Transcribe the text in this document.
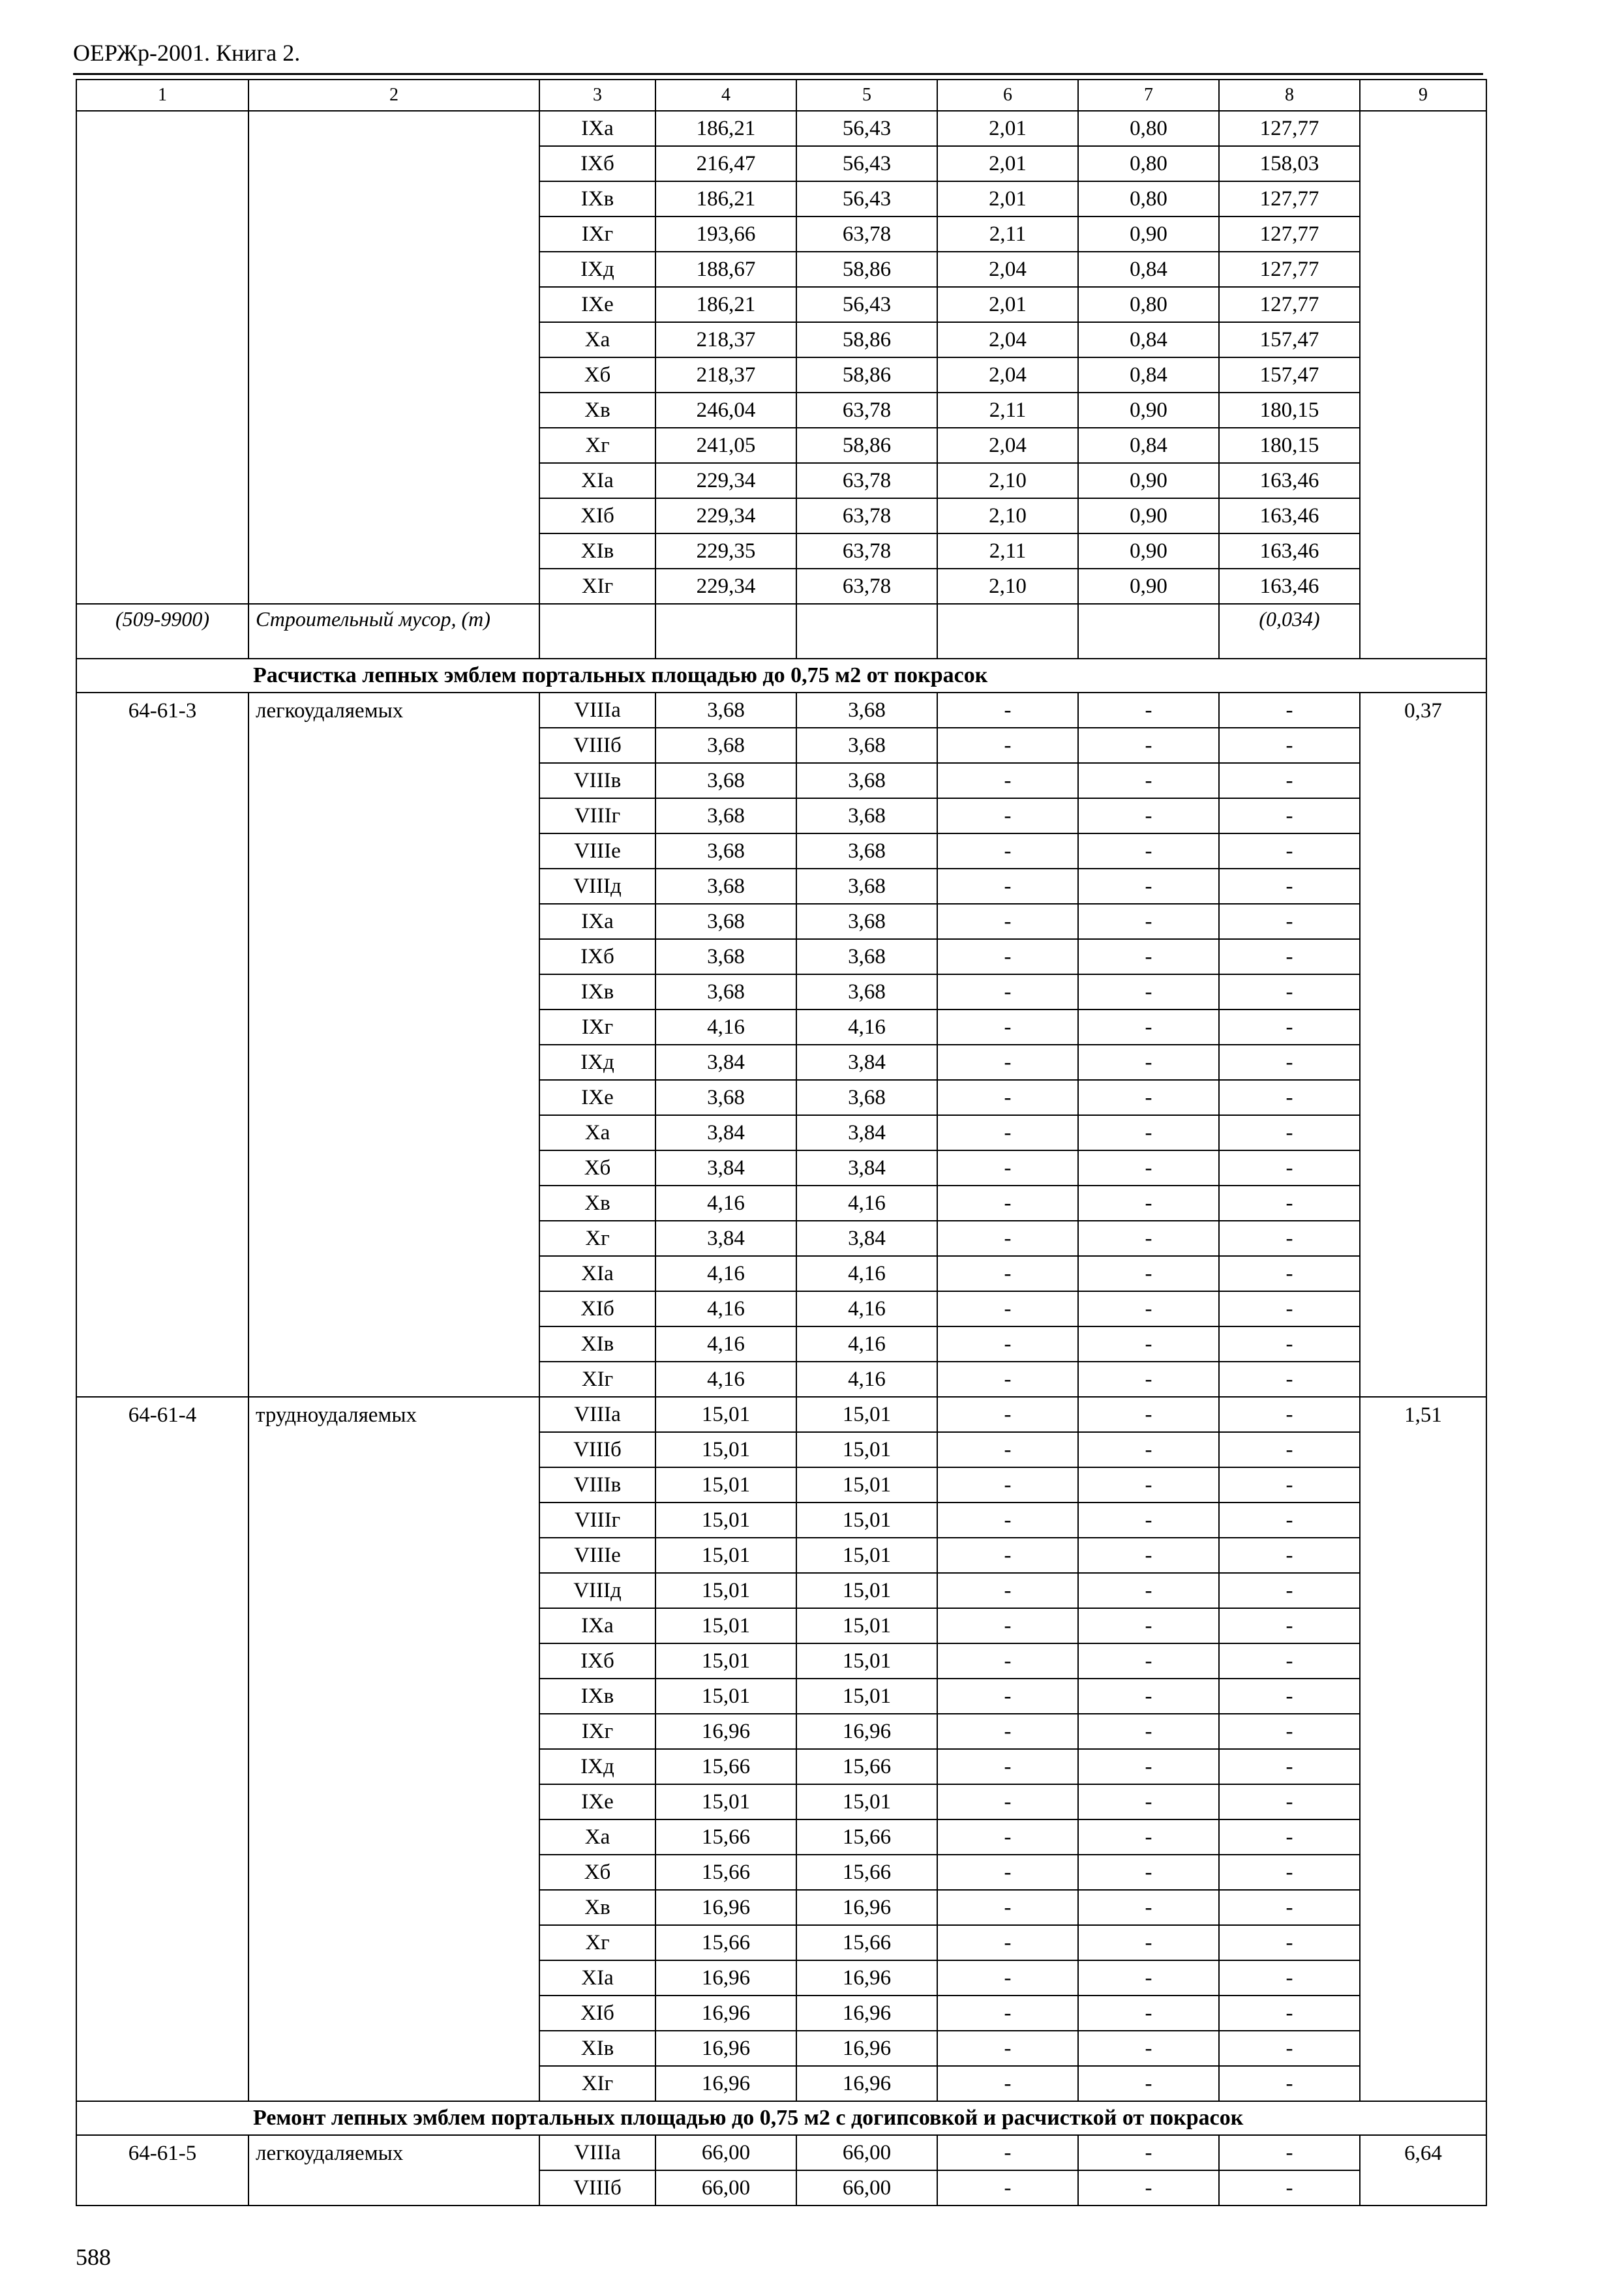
ОЕРЖр-2001. Книга 2.
1	2	3	4	5	6	7	8	9
		IXа	186,21	56,43	2,01	0,80	127,77	
		IXб	216,47	56,43	2,01	0,80	158,03	
		IXв	186,21	56,43	2,01	0,80	127,77	
		IXг	193,66	63,78	2,11	0,90	127,77	
		IXд	188,67	58,86	2,04	0,84	127,77	
		IXе	186,21	56,43	2,01	0,80	127,77	
		Xа	218,37	58,86	2,04	0,84	157,47	
		Xб	218,37	58,86	2,04	0,84	157,47	
		Xв	246,04	63,78	2,11	0,90	180,15	
		Xг	241,05	58,86	2,04	0,84	180,15	
		XIа	229,34	63,78	2,10	0,90	163,46	
		XIб	229,34	63,78	2,10	0,90	163,46	
		XIв	229,35	63,78	2,11	0,90	163,46	
		XIг	229,34	63,78	2,10	0,90	163,46	
(509-9900)	Строительный мусор, (т)						(0,034)	
Расчистка лепных эмблем портальных площадью до 0,75 м2 от покрасок								
64-61-3	легкоудаляемых	VIIIа	3,68	3,68	-	-	-	0,37
		VIIIб	3,68	3,68	-	-	-	
		VIIIв	3,68	3,68	-	-	-	
		VIIIг	3,68	3,68	-	-	-	
		VIIIе	3,68	3,68	-	-	-	
		VIIIд	3,68	3,68	-	-	-	
		IXа	3,68	3,68	-	-	-	
		IXб	3,68	3,68	-	-	-	
		IXв	3,68	3,68	-	-	-	
		IXг	4,16	4,16	-	-	-	
		IXд	3,84	3,84	-	-	-	
		IXе	3,68	3,68	-	-	-	
		Xа	3,84	3,84	-	-	-	
		Xб	3,84	3,84	-	-	-	
		Xв	4,16	4,16	-	-	-	
		Xг	3,84	3,84	-	-	-	
		XIа	4,16	4,16	-	-	-	
		XIб	4,16	4,16	-	-	-	
		XIв	4,16	4,16	-	-	-	
		XIг	4,16	4,16	-	-	-	
64-61-4	трудноудаляемых	VIIIа	15,01	15,01	-	-	-	1,51
		VIIIб	15,01	15,01	-	-	-	
		VIIIв	15,01	15,01	-	-	-	
		VIIIг	15,01	15,01	-	-	-	
		VIIIе	15,01	15,01	-	-	-	
		VIIIд	15,01	15,01	-	-	-	
		IXа	15,01	15,01	-	-	-	
		IXб	15,01	15,01	-	-	-	
		IXв	15,01	15,01	-	-	-	
		IXг	16,96	16,96	-	-	-	
		IXд	15,66	15,66	-	-	-	
		IXе	15,01	15,01	-	-	-	
		Xа	15,66	15,66	-	-	-	
		Xб	15,66	15,66	-	-	-	
		Xв	16,96	16,96	-	-	-	
		Xг	15,66	15,66	-	-	-	
		XIа	16,96	16,96	-	-	-	
		XIб	16,96	16,96	-	-	-	
		XIв	16,96	16,96	-	-	-	
		XIг	16,96	16,96	-	-	-	
Ремонт лепных эмблем портальных площадью до 0,75 м2 с догипсовкой и расчисткой от покрасок								
64-61-5	легкоудаляемых	VIIIа	66,00	66,00	-	-	-	6,64
		VIIIб	66,00	66,00	-	-	-	
588
